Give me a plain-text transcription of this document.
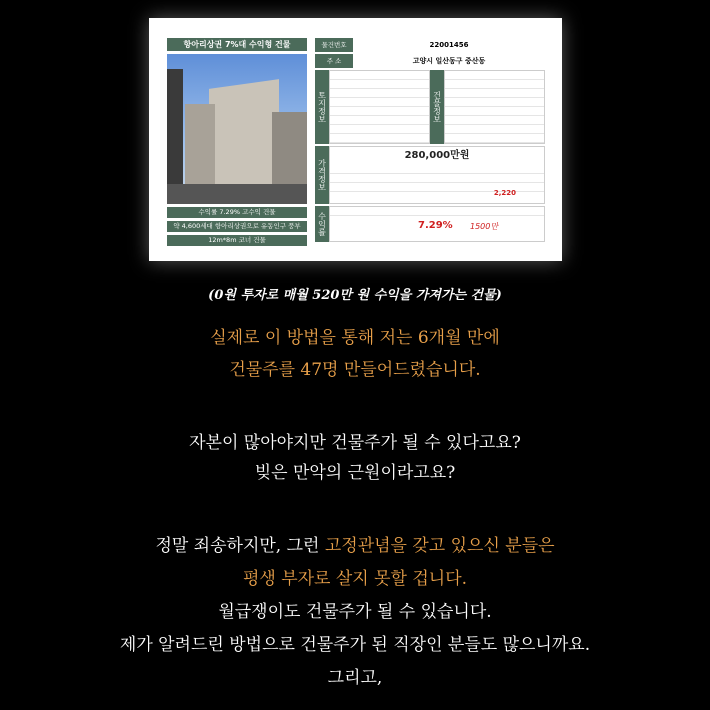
항아리상권 7%대 수익형 건물
수익률 7.29% 고수익 건물
약 4,600세대 항아리상권으로 유동인구 풍부
12m*8m 코너 건물
물건번호	22001456
주 소	고양시 일산동구 중산동
토지정보	건물정보
가격정보
280,000만원
2,220
수익률	7.29% 1500만
(0원 투자로 매월 520만 원 수익을 가져가는 건물)
실제로 이 방법을 통해 저는 6개월 만에
건물주를 47명 만들어드렸습니다.
자본이 많아야지만 건물주가 될 수 있다고요?
빚은 만악의 근원이라고요?
정말 죄송하지만, 그런 고정관념을 갖고 있으신 분들은
평생 부자로 살지 못할 겁니다.
월급쟁이도 건물주가 될 수 있습니다.
제가 알려드린 방법으로 건물주가 된 직장인 분들도 많으니까요.
그리고,
